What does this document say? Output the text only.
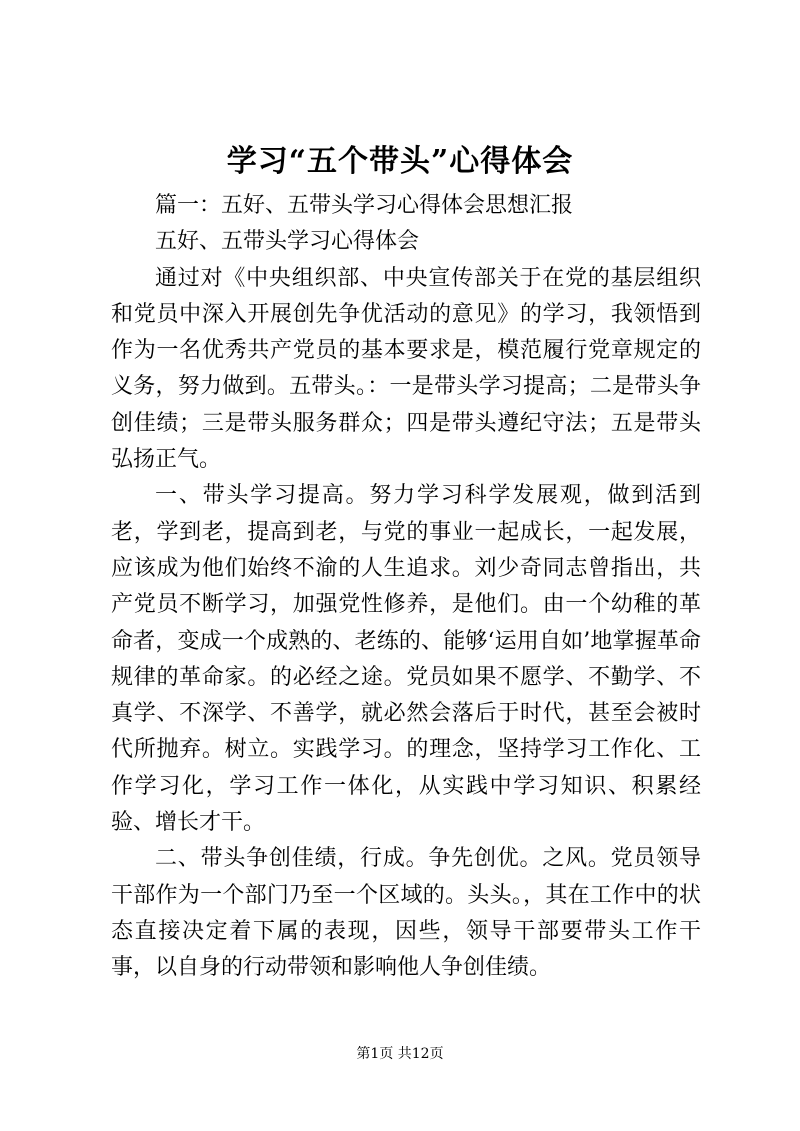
学习“五个带头”心得体会

篇一：五好、五带头学习心得体会思想汇报

五好、五带头学习心得体会

通过对《中央组织部、中央宣传部关于在党的基层组织和党员中深入开展创先争优活动的意见》的学习，我领悟到作为一名优秀共产党员的基本要求是，模范履行党章规定的义务，努力做到。五带头。：一是带头学习提高；二是带头争创佳绩；三是带头服务群众；四是带头遵纪守法；五是带头弘扬正气。

一、带头学习提高。努力学习科学发展观，做到活到老，学到老，提高到老，与党的事业一起成长，一起发展，应该成为他们始终不渝的人生追求。刘少奇同志曾指出，共产党员不断学习，加强党性修养，是他们。由一个幼稚的革命者，变成一个成熟的、老练的、能够‘运用自如’地掌握革命规律的革命家。的必经之途。党员如果不愿学、不勤学、不真学、不深学、不善学，就必然会落后于时代，甚至会被时代所抛弃。树立。实践学习。的理念，坚持学习工作化、工作学习化，学习工作一体化，从实践中学习知识、积累经验、增长才干。

二、带头争创佳绩，行成。争先创优。之风。党员领导干部作为一个部门乃至一个区域的。头头。，其在工作中的状态直接决定着下属的表现，因些，领导干部要带头工作干事，以自身的行动带领和影响他人争创佳绩。

第1页 共12页
